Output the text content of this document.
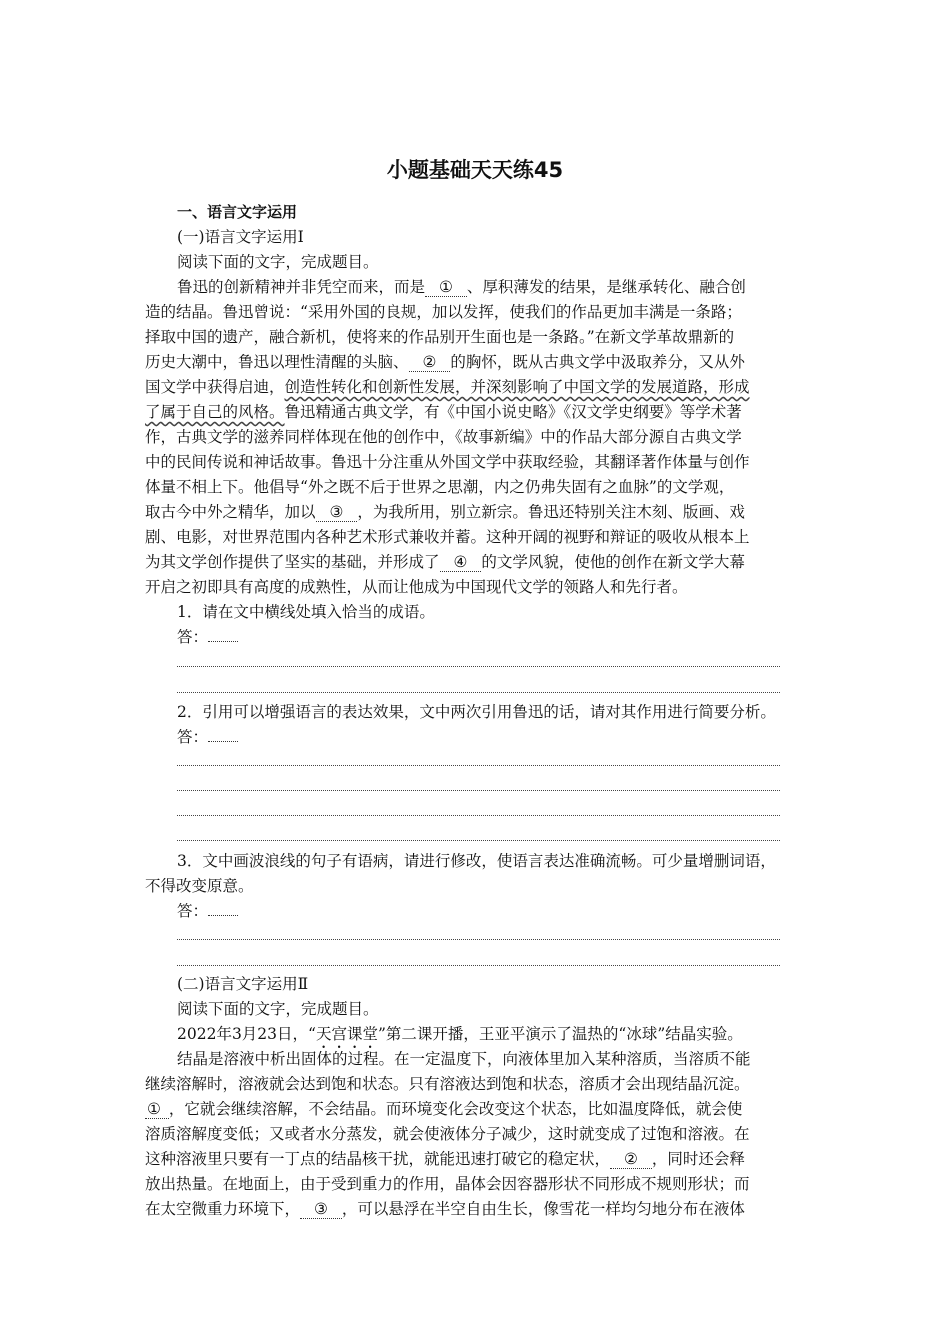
小题基础天天练45
一、语言文字运用
(一)语言文字运用Ⅰ
阅读下面的文字，完成题目。
鲁迅的创新精神并非凭空而来，而是 ① 、厚积薄发的结果，是继承转化、融合创
造的结晶。鲁迅曾说：“采用外国的良规，加以发挥，使我们的作品更加丰满是一条路；
择取中国的遗产，融合新机，使将来的作品别开生面也是一条路。”在新文学革故鼎新的
历史大潮中，鲁迅以理性清醒的头脑、 ② 的胸怀，既从古典文学中汲取养分，又从外
国文学中获得启迪，创造性转化和创新性发展，并深刻影响了中国文学的发展道路，形成
了属于自己的风格。鲁迅精通古典文学，有《中国小说史略》《汉文学史纲要》等学术著
作，古典文学的滋养同样体现在他的创作中，《故事新编》中的作品大部分源自古典文学
中的民间传说和神话故事。鲁迅十分注重从外国文学中获取经验，其翻译著作体量与创作
体量不相上下。他倡导“外之既不后于世界之思潮，内之仍弗失固有之血脉”的文学观，
取古今中外之精华，加以 ③ ，为我所用，别立新宗。鲁迅还特别关注木刻、版画、戏
剧、电影，对世界范围内各种艺术形式兼收并蓄。这种开阔的视野和辩证的吸收从根本上
为其文学创作提供了坚实的基础，并形成了 ④ 的文学风貌，使他的创作在新文学大幕
开启之初即具有高度的成熟性，从而让他成为中国现代文学的领路人和先行者。
1．请在文中横线处填入恰当的成语。
答：
2．引用可以增强语言的表达效果，文中两次引用鲁迅的话，请对其作用进行简要分析。
答：
3．文中画波浪线的句子有语病，请进行修改，使语言表达准确流畅。可少量增删词语，
不得改变原意。
答：
(二)语言文字运用Ⅱ
阅读下面的文字，完成题目。
2022年3月23日，“天宫课堂”第二课开播，王亚平演示了温热的“冰球”结晶实验。
结晶是溶液中析出固体的过程。在一定温度下，向液体里加入某种溶质，当溶质不能
继续溶解时，溶液就会达到饱和状态。只有溶液达到饱和状态，溶质才会出现结晶沉淀。
① ，它就会继续溶解，不会结晶。而环境变化会改变这个状态，比如温度降低，就会使
溶质溶解度变低；又或者水分蒸发，就会使液体分子减少，这时就变成了过饱和溶液。在
这种溶液里只要有一丁点的结晶核干扰，就能迅速打破它的稳定状， ② ，同时还会释
放出热量。在地面上，由于受到重力的作用，晶体会因容器形状不同形成不规则形状；而
在太空微重力环境下， ③ ，可以悬浮在半空自由生长，像雪花一样均匀地分布在液体
